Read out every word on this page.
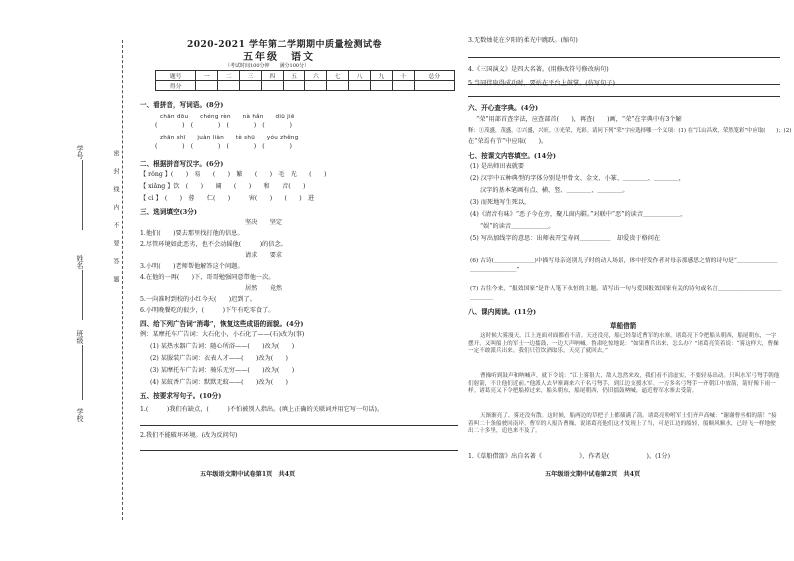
学号
姓名
班级
学校
密　封　线　内　不　要　答　题
2020-2021 学年第二学期期中质量检测试卷
五年级　语文
（考试时间100分钟　　满分100分）
题号	一	二	三	四	五	六	七	八	九	十	总分
得分											
一、看拼音，写词语。(8分)
chān dōu　　chéng rèn　　nà hǎn　　diū jiē
(　　　　)　(　　　　)　(　　　　)　(　　　　)
zhān shī　　juàn liàn　　tè shū　　yóu zhěng
(　　　　)　(　　　　)　(　　　　)　(　　　　)
二、根据拼音写汉字。(6分)
【 rǒng 】(　　)　易　　(　　)　繁　　(　　)　毛　光　　(　　)
【 xiǎng 】饮　(　　)　　阔　　(　　)　　和　　音(　　)
【 cì 】　(　　)　蓉　　仁(　　)　　　害(　　)　　(　　)　进
三、选词填空(3分)
坚决　　坚定
1.他们(　　)要去那里找打他的信息。
2.尽管环境如此恶劣，也不会动摇他(　　　)的信念。
请求　　要求
3.小明(　　)老师帮他解答这个问题。
4.在他的一再(　　)下，哥哥勉强同意带他一次。
居然　　竟然
5.一向准时到校的小红今天(　　)迟到了。
6.小明晚餐吃的很少，(　　　)下午有吃零食了。
四、给下列广告词“消毒”，恢复这些成语的面貌。(4分)
例：某摩托车广告词：大石化小，小石化了——(石)改为(事)
(1) 某热水器广告词：随心所浴——(　　)改为(　　)
(2) 某服装广告词：衣表人才——(　　)改为(　　)
(3) 某摩托车广告词：骑乐无穷——(　　)改为(　　)
(4) 某蚊香广告词：默默无蚊——(　　)改为(　　)
五、按要求写句子。(10分)
1.(　　　)我们有缺点，(　　　)不怕被别人指出。(填上正确的关联词并用它写一句话)。
2.我们不能破坏环境。(改为反问句)
五年级语文期中试卷第1页　共4页
3.无数烛花在夕阳的柔光中跳跃。(缩句)
4.《三国演义》是四大名著。(用修改符号修改病句)
5.当同伴取得成功时，要站在平台上鼓掌。(仿写句子)
六、开心查字典。(4分)
“荣”用部首查字法，应查部首(　　)，再查(　　)画，“荣”在字典中有3个解
释：①茂盛，茂盛。②兴盛，兴旺。③光荣，光彩。请问下列“荣”字应选择哪一个义项：(1) 在“江山昌欢，荣然笼彩”中应取(　　)；(2)
在“荣焉有节”中应取(　　)。
七、按课文内容填空。(14分)
(1) 是出师田表就要
(2) 汉字中五种典型的字体分别是甲骨文、金文、小篆、＿＿＿＿、＿＿＿＿，
汉字的基本笔画有点、横、竖、＿＿＿＿、＿＿＿＿。
(3) 而死地写生死以，
(4)《清音有味》“恶子今在旁，聚儿窗内鞋。”对联中“恶”的读音＿＿＿＿＿＿，
“娱”的读音＿＿＿＿＿＿。
(5) 写出加线字的意思：出师表开宝寿问＿＿＿＿＿　却爱贵于格问在
(6) 古诗(＿＿＿＿＿＿＿)中描写母亲送别儿子时的动人场景，体中抒发作者对母亲那感思之情的诗句是“＿＿＿＿＿＿＿＿＿＿＿＿＿＿＿”
(7) 古往今来，“报效国家”是许人笔下永恒的主题。请写出一句与爱国报效国家有关的诗句或名言＿＿＿＿＿＿＿＿＿＿＿＿＿＿＿
八、课内阅读。(11分)
草船借箭
这时候大雾漫天，江上连面对面都看不清。天还没亮，船已经靠近曹军的水寨。诸葛亮下令把船头朝西，船尾朝东，一字摆开，又叫船上的军士一边擂鼓，一边大声呐喊。鲁肃吃惊地说：“如果曹兵出来，怎么办？”诸葛亮笑着说：“雾这样大，曹操一定不敢派兵出来。我们只管饮酒取乐，天亮了就回去。”
曹操听到鼓声和呐喊声，就下令说：“江上雾很大，敌人忽然来攻，我们看不清虚实，不要轻易出动。只叫水军弓弩手朝他们射箭，不让他们近前。”他派人去旱寨调来六千名弓弩手，到江边支援水军。一万多名弓弩手一齐朝江中放箭，箭好像下雨一样。诸葛亮又下令把船掉过来，船头朝东，船尾朝西，仍旧擂鼓呐喊，逼近曹军水寨去受箭。
天渐渐亮了，雾还没有散。这时候，船两边的草把子上都插满了箭。诸葛亮吩咐军士们齐声高喊：“谢谢曹丞相的箭！”接着叫二十条船驶回南岸。曹军的人报告曹操，说诸葛亮他们这才发现上了当，可是江边的船轻，船顺风顺水，已经飞一样地驶出二十多里，追也来不及了。
1.《草船借箭》出自名著《　　　　　　》，作者是(　　　　　　)。(1分)
五年级语文期中试卷第2页　共4页
